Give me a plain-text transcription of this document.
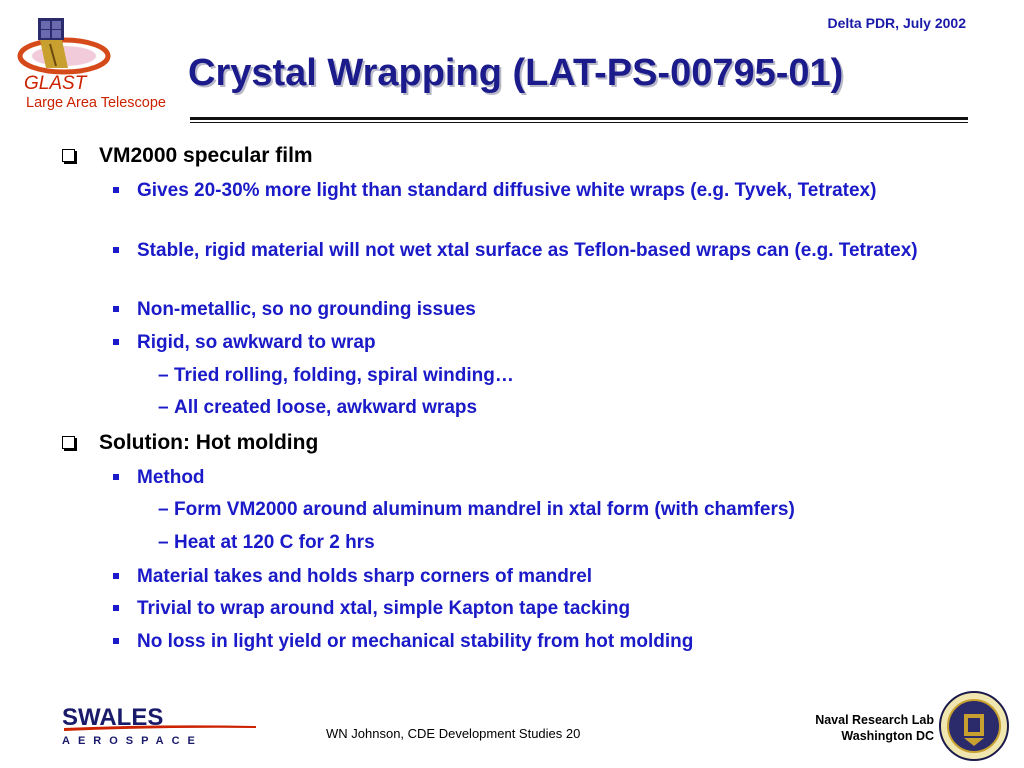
GLAST
Large Area Telescope
Delta PDR, July 2002
Crystal Wrapping (LAT-PS-00795-01)
VM2000 specular film
Gives 20-30% more light than standard diffusive white wraps (e.g. Tyvek, Tetratex)
Stable, rigid material will not wet xtal surface as Teflon-based wraps can (e.g. Tetratex)
Non-metallic, so no grounding issues
Rigid, so awkward to wrap
– Tried rolling, folding, spiral winding…
– All created loose, awkward wraps
Solution: Hot molding
Method
– Form VM2000 around aluminum mandrel in xtal form (with chamfers)
– Heat at 120 C for 2 hrs
Material takes and holds sharp corners of mandrel
Trivial to wrap around xtal, simple Kapton tape tacking
No loss in light yield or mechanical stability from hot molding
SWALES
AEROSPACE	WN Johnson, CDE Development Studies 20
Naval Research Lab
Washington DC
